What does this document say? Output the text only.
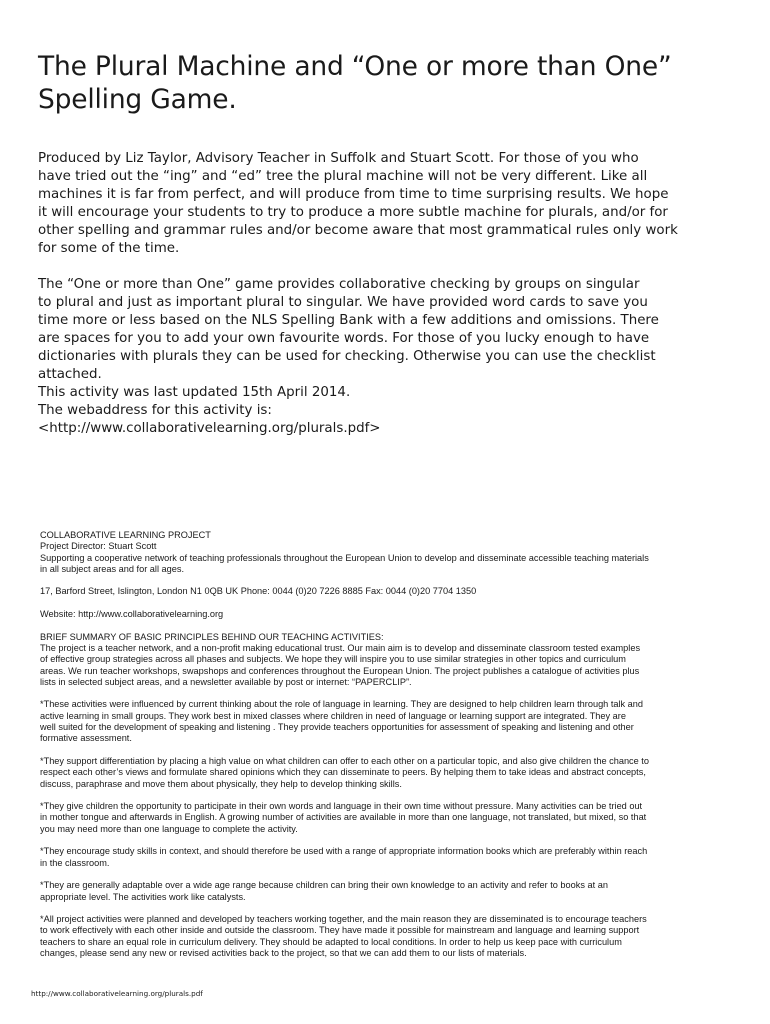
The Plural Machine and “One or more than One”
Spelling Game.

Produced by Liz Taylor, Advisory Teacher in Suffolk and Stuart Scott. For those of you who
have tried out the “ing” and “ed” tree the plural machine will not be very different. Like all
machines it is far from perfect, and will produce from time to time surprising results. We hope
it will encourage your students to try to produce a more subtle machine for plurals, and/or for
other spelling and grammar rules and/or become aware that most grammatical rules only work
for some of the time.

The “One or more than One” game provides collaborative checking by groups on singular
to plural and just as important plural to singular. We have provided word cards to save you
time more or less based on the NLS Spelling Bank with a few additions and omissions. There
are spaces for you to add your own favourite words. For those of you lucky enough to have
dictionaries with plurals they can be used for checking. Otherwise you can use the checklist
attached.
This activity was last updated 15th April 2014.
The webaddress for this activity is:
<http://www.collaborativelearning.org/plurals.pdf>

COLLABORATIVE LEARNING PROJECT
Project Director: Stuart Scott
Supporting a cooperative network of teaching professionals throughout the European Union to develop and disseminate accessible teaching materials
in all subject areas and for all ages.
17, Barford Street, Islington, London N1 0QB UK Phone: 0044 (0)20 7226 8885 Fax: 0044 (0)20 7704 1350
Website: http://www.collaborativelearning.org
BRIEF SUMMARY OF BASIC PRINCIPLES BEHIND OUR TEACHING ACTIVITIES:
The project is a teacher network, and a non-profit making educational trust. Our main aim is to develop and disseminate classroom tested examples
of effective group strategies across all phases and subjects. We hope they will inspire you to use similar strategies in other topics and curriculum
areas. We run teacher workshops, swapshops and conferences throughout the European Union. The project publishes a catalogue of activities plus
lists in selected subject areas, and a newsletter available by post or internet: “PAPERCLIP”.
*These activities were influenced by current thinking about the role of language in learning. They are designed to help children learn through talk and
active learning in small groups. They work best in mixed classes where children in need of language or learning support are integrated. They are
well suited for the development of speaking and listening . They provide teachers opportunities for assessment of speaking and listening and other
formative assessment.
*They support differentiation by placing a high value on what children can offer to each other on a particular topic, and also give children the chance to
respect each other’s views and formulate shared opinions which they can disseminate to peers. By helping them to take ideas and abstract concepts,
discuss, paraphrase and move them about physically, they help to develop thinking skills.
*They give children the opportunity to participate in their own words and language in their own time without pressure. Many activities can be tried out
in mother tongue and afterwards in English. A growing number of activities are available in more than one language, not translated, but mixed, so that
you may need more than one language to complete the activity.
*They encourage study skills in context, and should therefore be used with a range of appropriate information books which are preferably within reach
in the classroom.
*They are generally adaptable over a wide age range because children can bring their own knowledge to an activity and refer to books at an
appropriate level. The activities work like catalysts.
*All project activities were planned and developed by teachers working together, and the main reason they are disseminated is to encourage teachers
to work effectively with each other inside and outside the classroom. They have made it possible for mainstream and language and learning support
teachers to share an equal role in curriculum delivery. They should be adapted to local conditions. In order to help us keep pace with curriculum
changes, please send any new or revised activities back to the project, so that we can add them to our lists of materials.
http://www.collaborativelearning.org/plurals.pdf
